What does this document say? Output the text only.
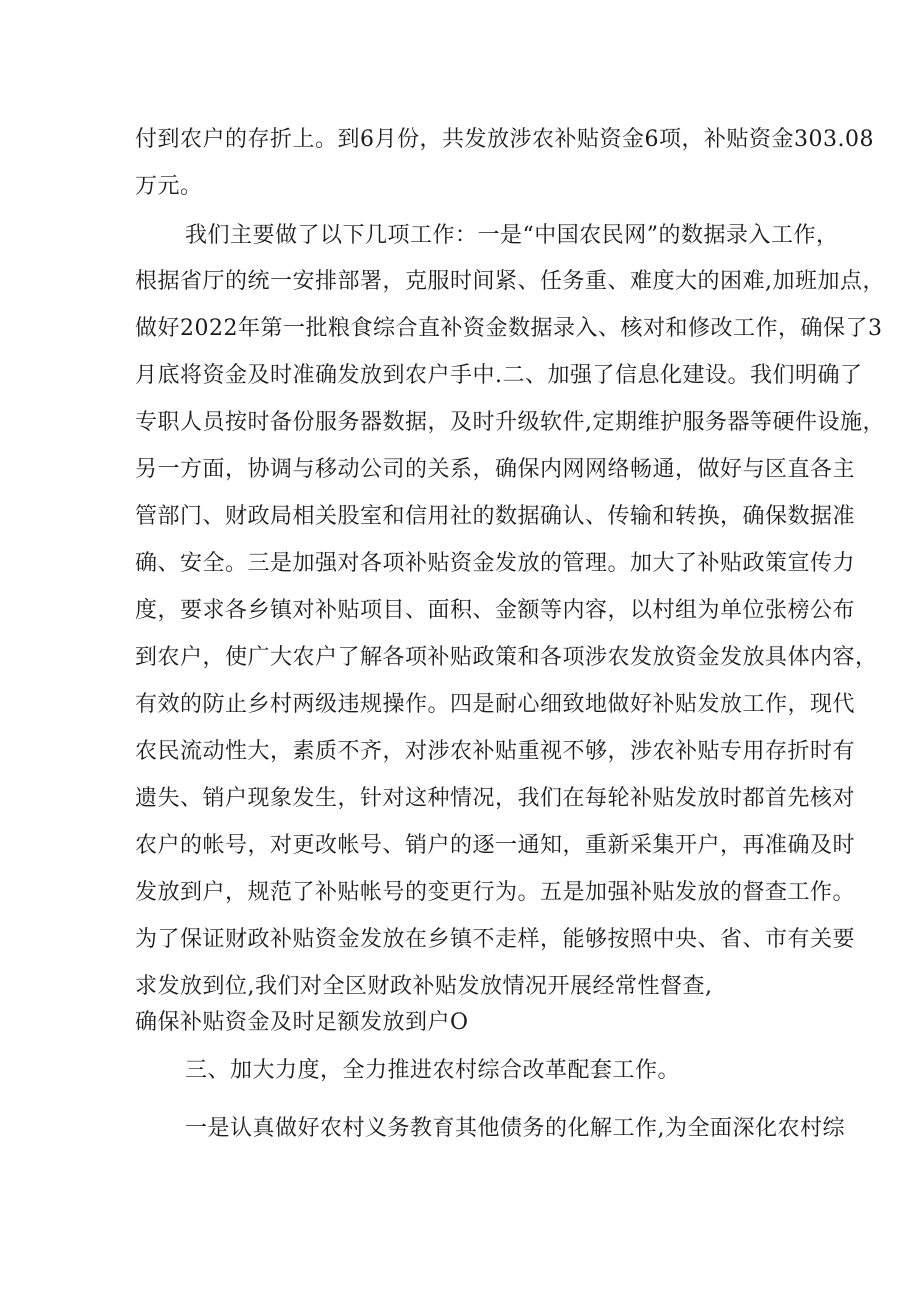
付到农户的存折上。到6月份，共发放涉农补贴资金6项，补贴资金303.08
万元。
我们主要做了以下几项工作：一是“中国农民网”的数据录入工作，
根据省厅的统一安排部署，克服时间紧、任务重、难度大的困难,加班加点，
做好2022年第一批粮食综合直补资金数据录入、核对和修改工作，确保了3
月底将资金及时准确发放到农户手中.二、加强了信息化建设。我们明确了
专职人员按时备份服务器数据，及时升级软件,定期维护服务器等硬件设施，
另一方面，协调与移动公司的关系，确保内网网络畅通，做好与区直各主
管部门、财政局相关股室和信用社的数据确认、传输和转换，确保数据准
确、安全。三是加强对各项补贴资金发放的管理。加大了补贴政策宣传力
度，要求各乡镇对补贴项目、面积、金额等内容，以村组为单位张榜公布
到农户，使广大农户了解各项补贴政策和各项涉农发放资金发放具体内容，
有效的防止乡村两级违规操作。四是耐心细致地做好补贴发放工作，现代
农民流动性大，素质不齐，对涉农补贴重视不够，涉农补贴专用存折时有
遗失、销户现象发生，针对这种情况，我们在每轮补贴发放时都首先核对
农户的帐号，对更改帐号、销户的逐一通知，重新采集开户，再准确及时
发放到户，规范了补贴帐号的变更行为。五是加强补贴发放的督查工作。
为了保证财政补贴资金发放在乡镇不走样，能够按照中央、省、市有关要
求发放到位,我们对全区财政补贴发放情况开展经常性督查,
确保补贴资金及时足额发放到户O
三、加大力度，全力推进农村综合改革配套工作。
一是认真做好农村义务教育其他债务的化解工作,为全面深化农村综
